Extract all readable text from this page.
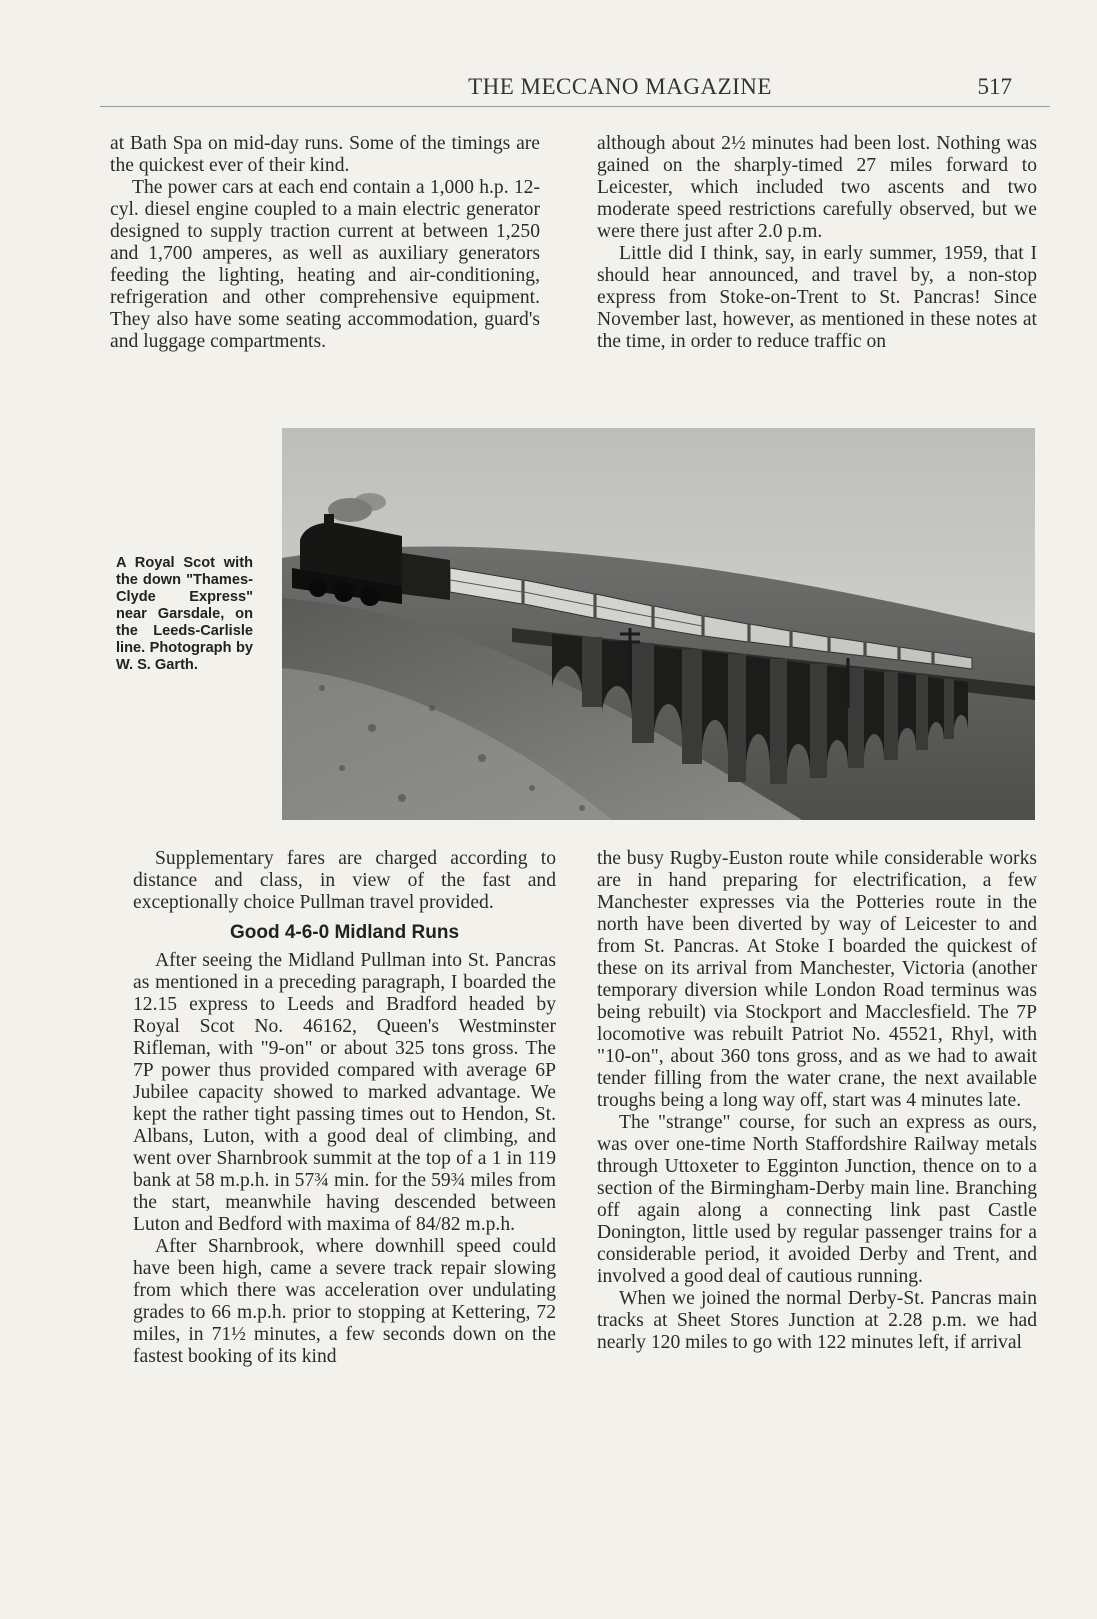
THE MECCANO MAGAZINE	517

at Bath Spa on mid-day runs. Some of the timings are the quickest ever of their kind.

The power cars at each end contain a 1,000 h.p. 12-cyl. diesel engine coupled to a main electric generator designed to supply traction current at between 1,250 and 1,700 amperes, as well as auxiliary generators feeding the lighting, heating and air-conditioning, refrigeration and other comprehensive equipment. They also have some seating accommodation, guard's and luggage compartments.

although about 2½ minutes had been lost. Nothing was gained on the sharply-timed 27 miles forward to Leicester, which included two ascents and two moderate speed restrictions carefully observed, but we were there just after 2.0 p.m.

Little did I think, say, in early summer, 1959, that I should hear announced, and travel by, a non-stop express from Stoke-on-Trent to St. Pancras! Since November last, however, as mentioned in these notes at the time, in order to reduce traffic on

A Royal Scot with the down "Thames-Clyde Express" near Garsdale, on the Leeds-Carlisle line. Photograph by W. S. Garth.

Supplementary fares are charged according to distance and class, in view of the fast and exceptionally choice Pullman travel provided.

Good 4-6-0 Midland Runs

After seeing the Midland Pullman into St. Pancras as mentioned in a preceding paragraph, I boarded the 12.15 express to Leeds and Bradford headed by Royal Scot No. 46162, Queen's Westminster Rifleman, with "9-on" or about 325 tons gross. The 7P power thus provided compared with average 6P Jubilee capacity showed to marked advantage. We kept the rather tight passing times out to Hendon, St. Albans, Luton, with a good deal of climbing, and went over Sharnbrook summit at the top of a 1 in 119 bank at 58 m.p.h. in 57¾ min. for the 59¾ miles from the start, meanwhile having descended between Luton and Bedford with maxima of 84/82 m.p.h.

After Sharnbrook, where downhill speed could have been high, came a severe track repair slowing from which there was acceleration over undulating grades to 66 m.p.h. prior to stopping at Kettering, 72 miles, in 71½ minutes, a few seconds down on the fastest booking of its kind

the busy Rugby-Euston route while considerable works are in hand preparing for electrification, a few Manchester expresses via the Potteries route in the north have been diverted by way of Leicester to and from St. Pancras. At Stoke I boarded the quickest of these on its arrival from Manchester, Victoria (another temporary diversion while London Road terminus was being rebuilt) via Stockport and Macclesfield. The 7P locomotive was rebuilt Patriot No. 45521, Rhyl, with "10-on", about 360 tons gross, and as we had to await tender filling from the water crane, the next available troughs being a long way off, start was 4 minutes late.

The "strange" course, for such an express as ours, was over one-time North Staffordshire Railway metals through Uttoxeter to Egginton Junction, thence on to a section of the Birmingham-Derby main line. Branching off again along a connecting link past Castle Donington, little used by regular passenger trains for a considerable period, it avoided Derby and Trent, and involved a good deal of cautious running.

When we joined the normal Derby-St. Pancras main tracks at Sheet Stores Junction at 2.28 p.m. we had nearly 120 miles to go with 122 minutes left, if arrival
